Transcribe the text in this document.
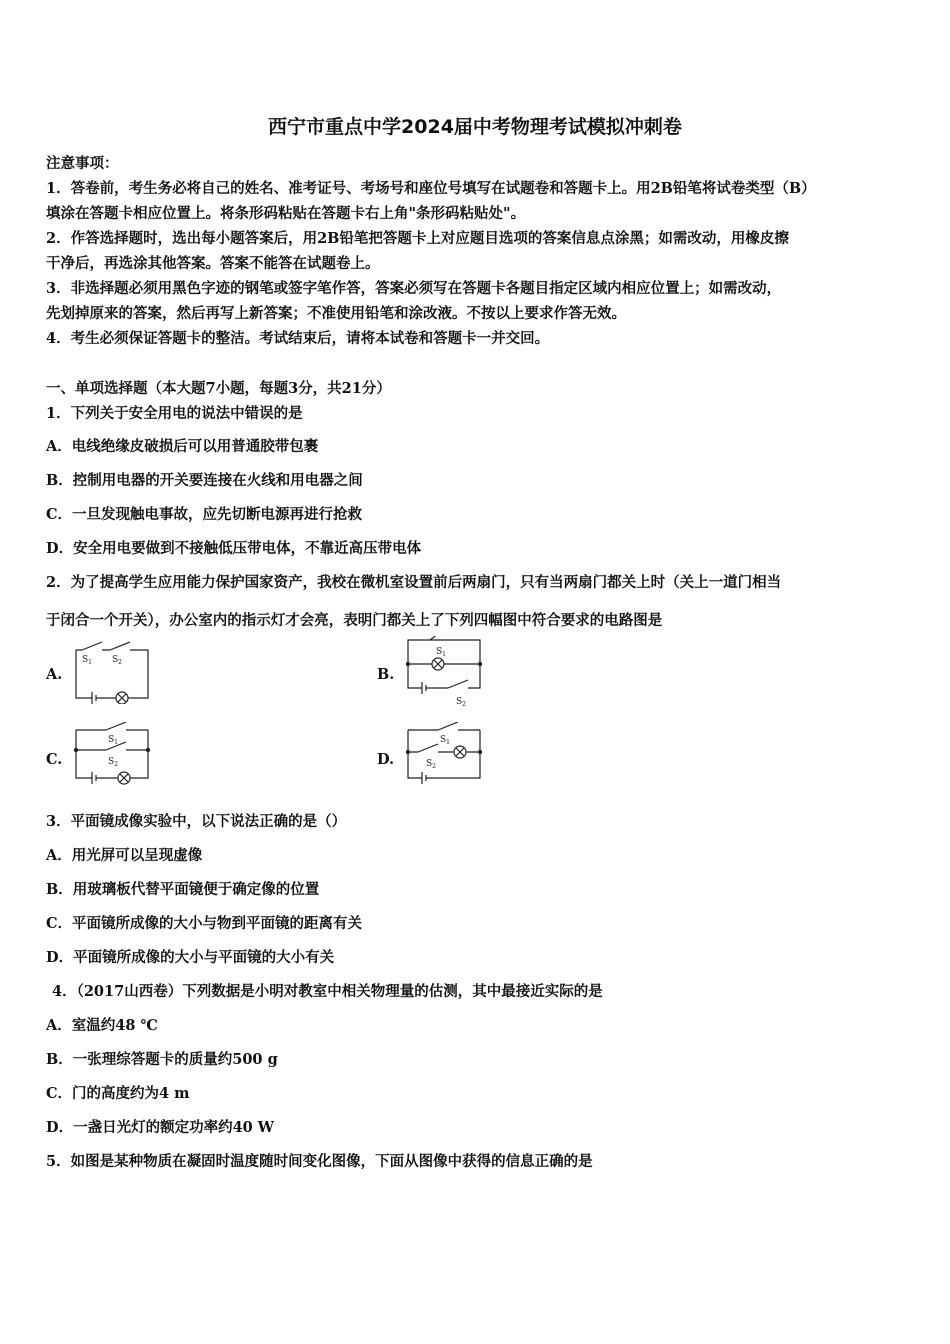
西宁市重点中学2024届中考物理考试模拟冲刺卷
注意事项：
1．答卷前，考生务必将自己的姓名、准考证号、考场号和座位号填写在试题卷和答题卡上。用2B铅笔将试卷类型（B）
填涂在答题卡相应位置上。将条形码粘贴在答题卡右上角"条形码粘贴处"。
2．作答选择题时，选出每小题答案后，用2B铅笔把答题卡上对应题目选项的答案信息点涂黑；如需改动，用橡皮擦
干净后，再选涂其他答案。答案不能答在试题卷上。
3．非选择题必须用黑色字迹的钢笔或签字笔作答，答案必须写在答题卡各题目指定区域内相应位置上；如需改动，
先划掉原来的答案，然后再写上新答案；不准使用铅笔和涂改液。不按以上要求作答无效。
4．考生必须保证答题卡的整洁。考试结束后，请将本试卷和答题卡一并交回。
一、单项选择题（本大题7小题，每题3分，共21分）
1．下列关于安全用电的说法中错误的是
A．电线绝缘皮破损后可以用普通胶带包裹
B．控制用电器的开关要连接在火线和用电器之间
C．一旦发现触电事故，应先切断电源再进行抢救
D．安全用电要做到不接触低压带电体，不靠近高压带电体
2．为了提高学生应用能力保护国家资产，我校在微机室设置前后两扇门，只有当两扇门都关上时（关上一道门相当
于闭合一个开关），办公室内的指示灯才会亮，表明门都关上了下列四幅图中符合要求的电路图是
A.
$S_1$ $S_2$
B.
$S_1$
$S_2$
C.
$S_1$
$S_2$	D.
$S_1$
$S_2$
3．平面镜成像实验中，以下说法正确的是（）
A．用光屏可以呈现虚像
B．用玻璃板代替平面镜便于确定像的位置
C．平面镜所成像的大小与物到平面镜的距离有关
D．平面镜所成像的大小与平面镜的大小有关
4．（2017山西卷）下列数据是小明对教室中相关物理量的估测，其中最接近实际的是
A．室温约48 ℃
B．一张理综答题卡的质量约500 g
C．门的高度约为4 m
D．一盏日光灯的额定功率约40 W
5．如图是某种物质在凝固时温度随时间变化图像，下面从图像中获得的信息正确的是
